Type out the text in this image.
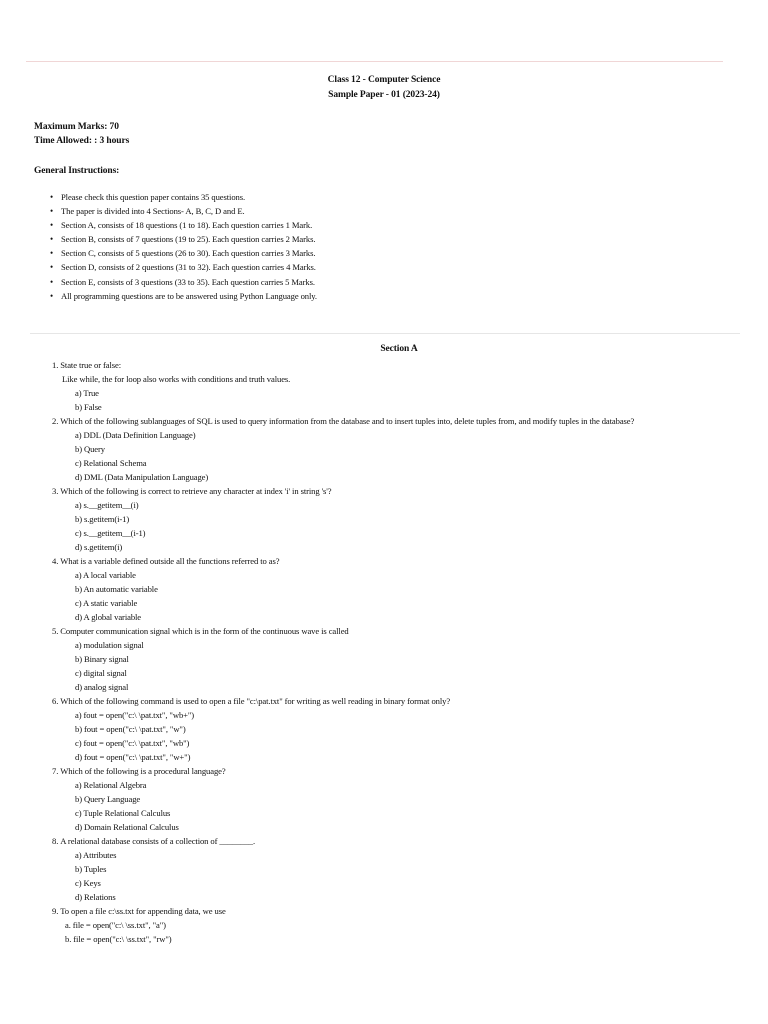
Class 12 - Computer Science
Sample Paper - 01 (2023-24)
Maximum Marks: 70
Time Allowed: : 3 hours
General Instructions:
• Please check this question paper contains 35 questions.
• The paper is divided into 4 Sections- A, B, C, D and E.
• Section A, consists of 18 questions (1 to 18). Each question carries 1 Mark.
• Section B, consists of 7 questions (19 to 25). Each question carries 2 Marks.
• Section C, consists of 5 questions (26 to 30). Each question carries 3 Marks.
• Section D, consists of 2 questions (31 to 32). Each question carries 4 Marks.
• Section E, consists of 3 questions (33 to 35). Each question carries 5 Marks.
• All programming questions are to be answered using Python Language only.
Section A
1. State true or false:
Like while, the for loop also works with conditions and truth values.
a) True
b) False
2. Which of the following sublanguages of SQL is used to query information from the database and to insert tuples into, delete tuples from, and modify tuples in the database?
a) DDL (Data Definition Language)
b) Query
c) Relational Schema
d) DML (Data Manipulation Language)
3. Which of the following is correct to retrieve any character at index 'i' in string 's'?
a) s.__getitem__(i)
b) s.getitem(i-1)
c) s.__getitem__(i-1)
d) s.getitem(i)
4. What is a variable defined outside all the functions referred to as?
a) A local variable
b) An automatic variable
c) A static variable
d) A global variable
5. Computer communication signal which is in the form of the continuous wave is called
a) modulation signal
b) Binary signal
c) digital signal
d) analog signal
6. Which of the following command is used to open a file "c:\pat.txt" for writing as well reading in binary format only?
a) fout = open("c:\ \pat.txt", "wb+")
b) fout = open("c:\ \pat.txt", "w")
c) fout = open("c:\ \pat.txt", "wb")
d) fout = open("c:\ \pat.txt", "w+")
7. Which of the following is a procedural language?
a) Relational Algebra
b) Query Language
c) Tuple Relational Calculus
d) Domain Relational Calculus
8. A relational database consists of a collection of ________.
a) Attributes
b) Tuples
c) Keys
d) Relations
9. To open a file c:\ss.txt for appending data, we use
a. file = open("c:\ \ss.txt", "a")
b. file = open("c:\ \ss.txt", "rw")
